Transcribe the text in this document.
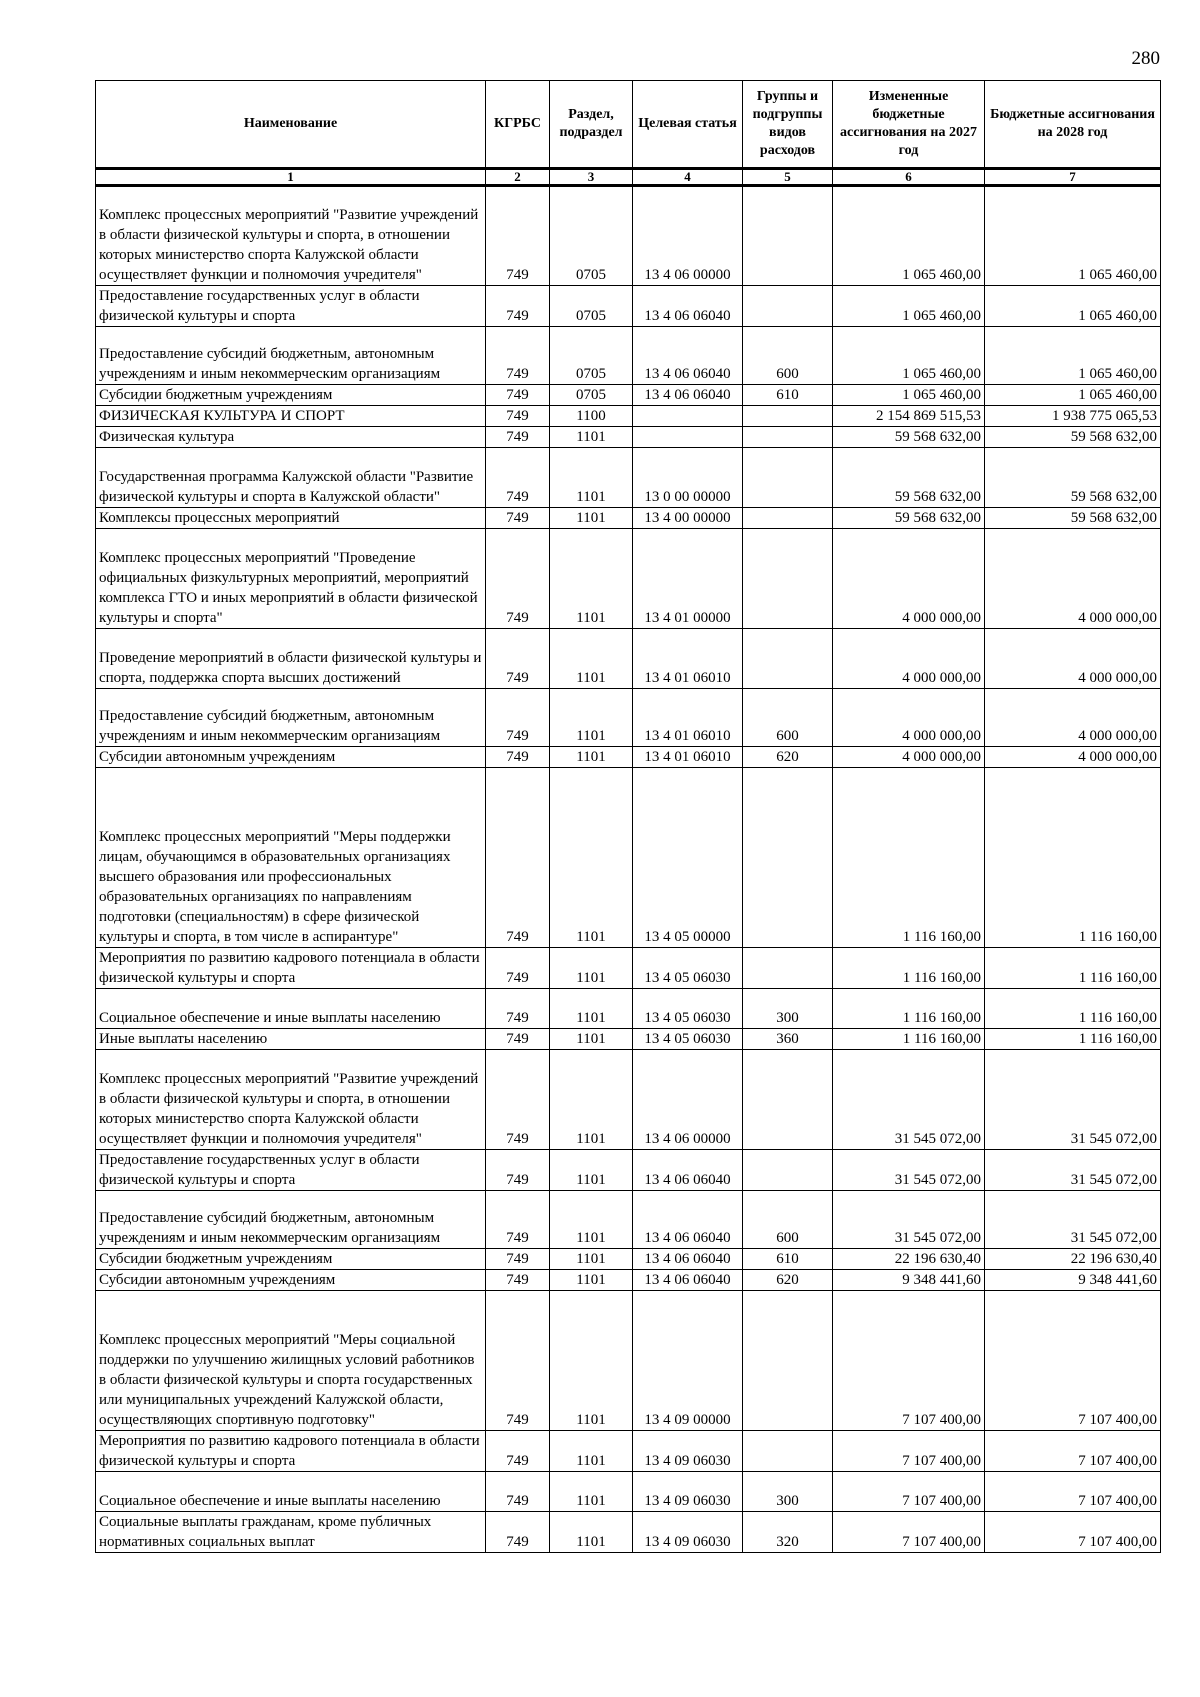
280
Наименование	КГРБС	Раздел, подраздел	Целевая статья	Группы и подгруппы видов расходов	Измененные бюджетные ассигнования на 2027 год	Бюджетные ассигнования на 2028 год
1	2	3	4	5	6	7
Комплекс процессных мероприятий "Развитие учреждений в области физической культуры и спорта, в отношении которых министерство спорта Калужской области осуществляет функции и полномочия учредителя"	749	0705	13 4 06 00000		1 065 460,00	1 065 460,00
Предоставление государственных услуг в области физической культуры и спорта	749	0705	13 4 06 06040		1 065 460,00	1 065 460,00
Предоставление субсидий бюджетным, автономным учреждениям и иным некоммерческим организациям	749	0705	13 4 06 06040	600	1 065 460,00	1 065 460,00
Субсидии бюджетным учреждениям	749	0705	13 4 06 06040	610	1 065 460,00	1 065 460,00
ФИЗИЧЕСКАЯ КУЛЬТУРА И СПОРТ	749	1100			2 154 869 515,53	1 938 775 065,53
Физическая культура	749	1101			59 568 632,00	59 568 632,00
Государственная программа Калужской области "Развитие физической культуры и спорта в Калужской области"	749	1101	13 0 00 00000		59 568 632,00	59 568 632,00
Комплексы процессных мероприятий	749	1101	13 4 00 00000		59 568 632,00	59 568 632,00
Комплекс процессных мероприятий "Проведение официальных физкультурных мероприятий, мероприятий комплекса ГТО и иных мероприятий в области физической культуры и спорта"	749	1101	13 4 01 00000		4 000 000,00	4 000 000,00
Проведение мероприятий в области физической культуры и спорта, поддержка спорта высших достижений	749	1101	13 4 01 06010		4 000 000,00	4 000 000,00
Предоставление субсидий бюджетным, автономным учреждениям и иным некоммерческим организациям	749	1101	13 4 01 06010	600	4 000 000,00	4 000 000,00
Субсидии автономным учреждениям	749	1101	13 4 01 06010	620	4 000 000,00	4 000 000,00
Комплекс процессных мероприятий "Меры поддержки лицам, обучающимся в образовательных организациях высшего образования или профессиональных образовательных организациях по направлениям подготовки (специальностям) в сфере физической культуры и спорта, в том числе в аспирантуре"	749	1101	13 4 05 00000		1 116 160,00	1 116 160,00
Мероприятия по развитию кадрового потенциала в области физической культуры и спорта	749	1101	13 4 05 06030		1 116 160,00	1 116 160,00
Социальное обеспечение и иные выплаты населению	749	1101	13 4 05 06030	300	1 116 160,00	1 116 160,00
Иные выплаты населению	749	1101	13 4 05 06030	360	1 116 160,00	1 116 160,00
Комплекс процессных мероприятий "Развитие учреждений в области физической культуры и спорта, в отношении которых министерство спорта Калужской области осуществляет функции и полномочия учредителя"	749	1101	13 4 06 00000		31 545 072,00	31 545 072,00
Предоставление государственных услуг в области физической культуры и спорта	749	1101	13 4 06 06040		31 545 072,00	31 545 072,00
Предоставление субсидий бюджетным, автономным учреждениям и иным некоммерческим организациям	749	1101	13 4 06 06040	600	31 545 072,00	31 545 072,00
Субсидии бюджетным учреждениям	749	1101	13 4 06 06040	610	22 196 630,40	22 196 630,40
Субсидии автономным учреждениям	749	1101	13 4 06 06040	620	9 348 441,60	9 348 441,60
Комплекс процессных мероприятий "Меры социальной поддержки по улучшению жилищных условий работников в области физической культуры и спорта государственных или муниципальных учреждений Калужской области, осуществляющих спортивную подготовку"	749	1101	13 4 09 00000		7 107 400,00	7 107 400,00
Мероприятия по развитию кадрового потенциала в области физической культуры и спорта	749	1101	13 4 09 06030		7 107 400,00	7 107 400,00
Социальное обеспечение и иные выплаты населению	749	1101	13 4 09 06030	300	7 107 400,00	7 107 400,00
Социальные выплаты гражданам, кроме публичных нормативных социальных выплат	749	1101	13 4 09 06030	320	7 107 400,00	7 107 400,00
